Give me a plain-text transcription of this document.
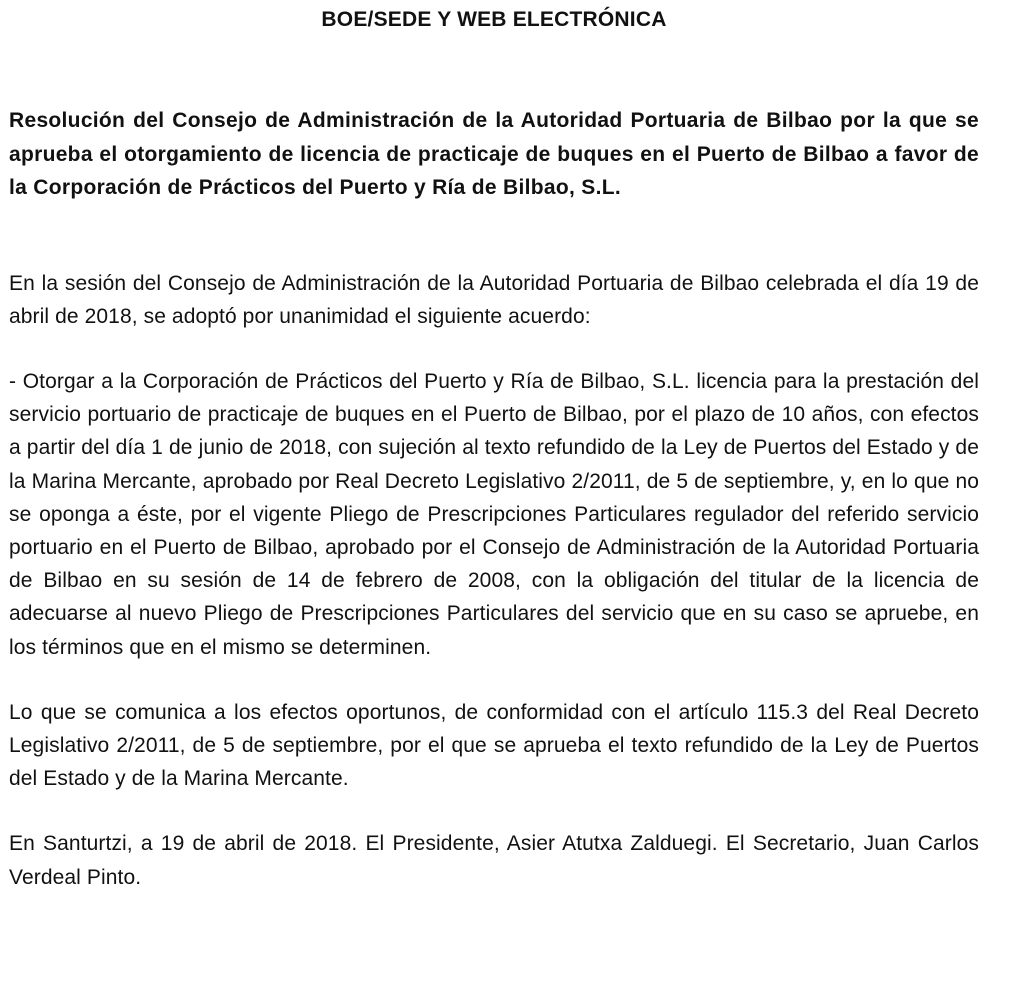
BOE/SEDE Y WEB ELECTRÓNICA
Resolución del Consejo de Administración de la Autoridad Portuaria de Bilbao por la que se aprueba el otorgamiento de licencia de practicaje de buques en el Puerto de Bilbao a favor de la Corporación de Prácticos del Puerto y Ría de Bilbao, S.L.

En la sesión del Consejo de Administración de la Autoridad Portuaria de Bilbao celebrada el día 19 de abril de 2018, se adoptó por unanimidad el siguiente acuerdo:

- Otorgar a la Corporación de Prácticos del Puerto y Ría de Bilbao, S.L. licencia para la prestación del servicio portuario de practicaje de buques en el Puerto de Bilbao, por el plazo de 10 años, con efectos a partir del día 1 de junio de 2018, con sujeción al texto refundido de la Ley de Puertos del Estado y de la Marina Mercante, aprobado por Real Decreto Legislativo 2/2011, de 5 de septiembre, y, en lo que no se oponga a éste, por el vigente Pliego de Prescripciones Particulares regulador del referido servicio portuario en el Puerto de Bilbao, aprobado por el Consejo de Administración de la Autoridad Portuaria de Bilbao en su sesión de 14 de febrero de 2008, con la obligación del titular de la licencia de adecuarse al nuevo Pliego de Prescripciones Particulares del servicio que en su caso se apruebe, en los términos que en el mismo se determinen.

Lo que se comunica a los efectos oportunos, de conformidad con el artículo 115.3 del Real Decreto Legislativo 2/2011, de 5 de septiembre, por el que se aprueba el texto refundido de la Ley de Puertos del Estado y de la Marina Mercante.

En Santurtzi, a 19 de abril de 2018. El Presidente, Asier Atutxa Zalduegi. El Secretario, Juan Carlos Verdeal Pinto.
